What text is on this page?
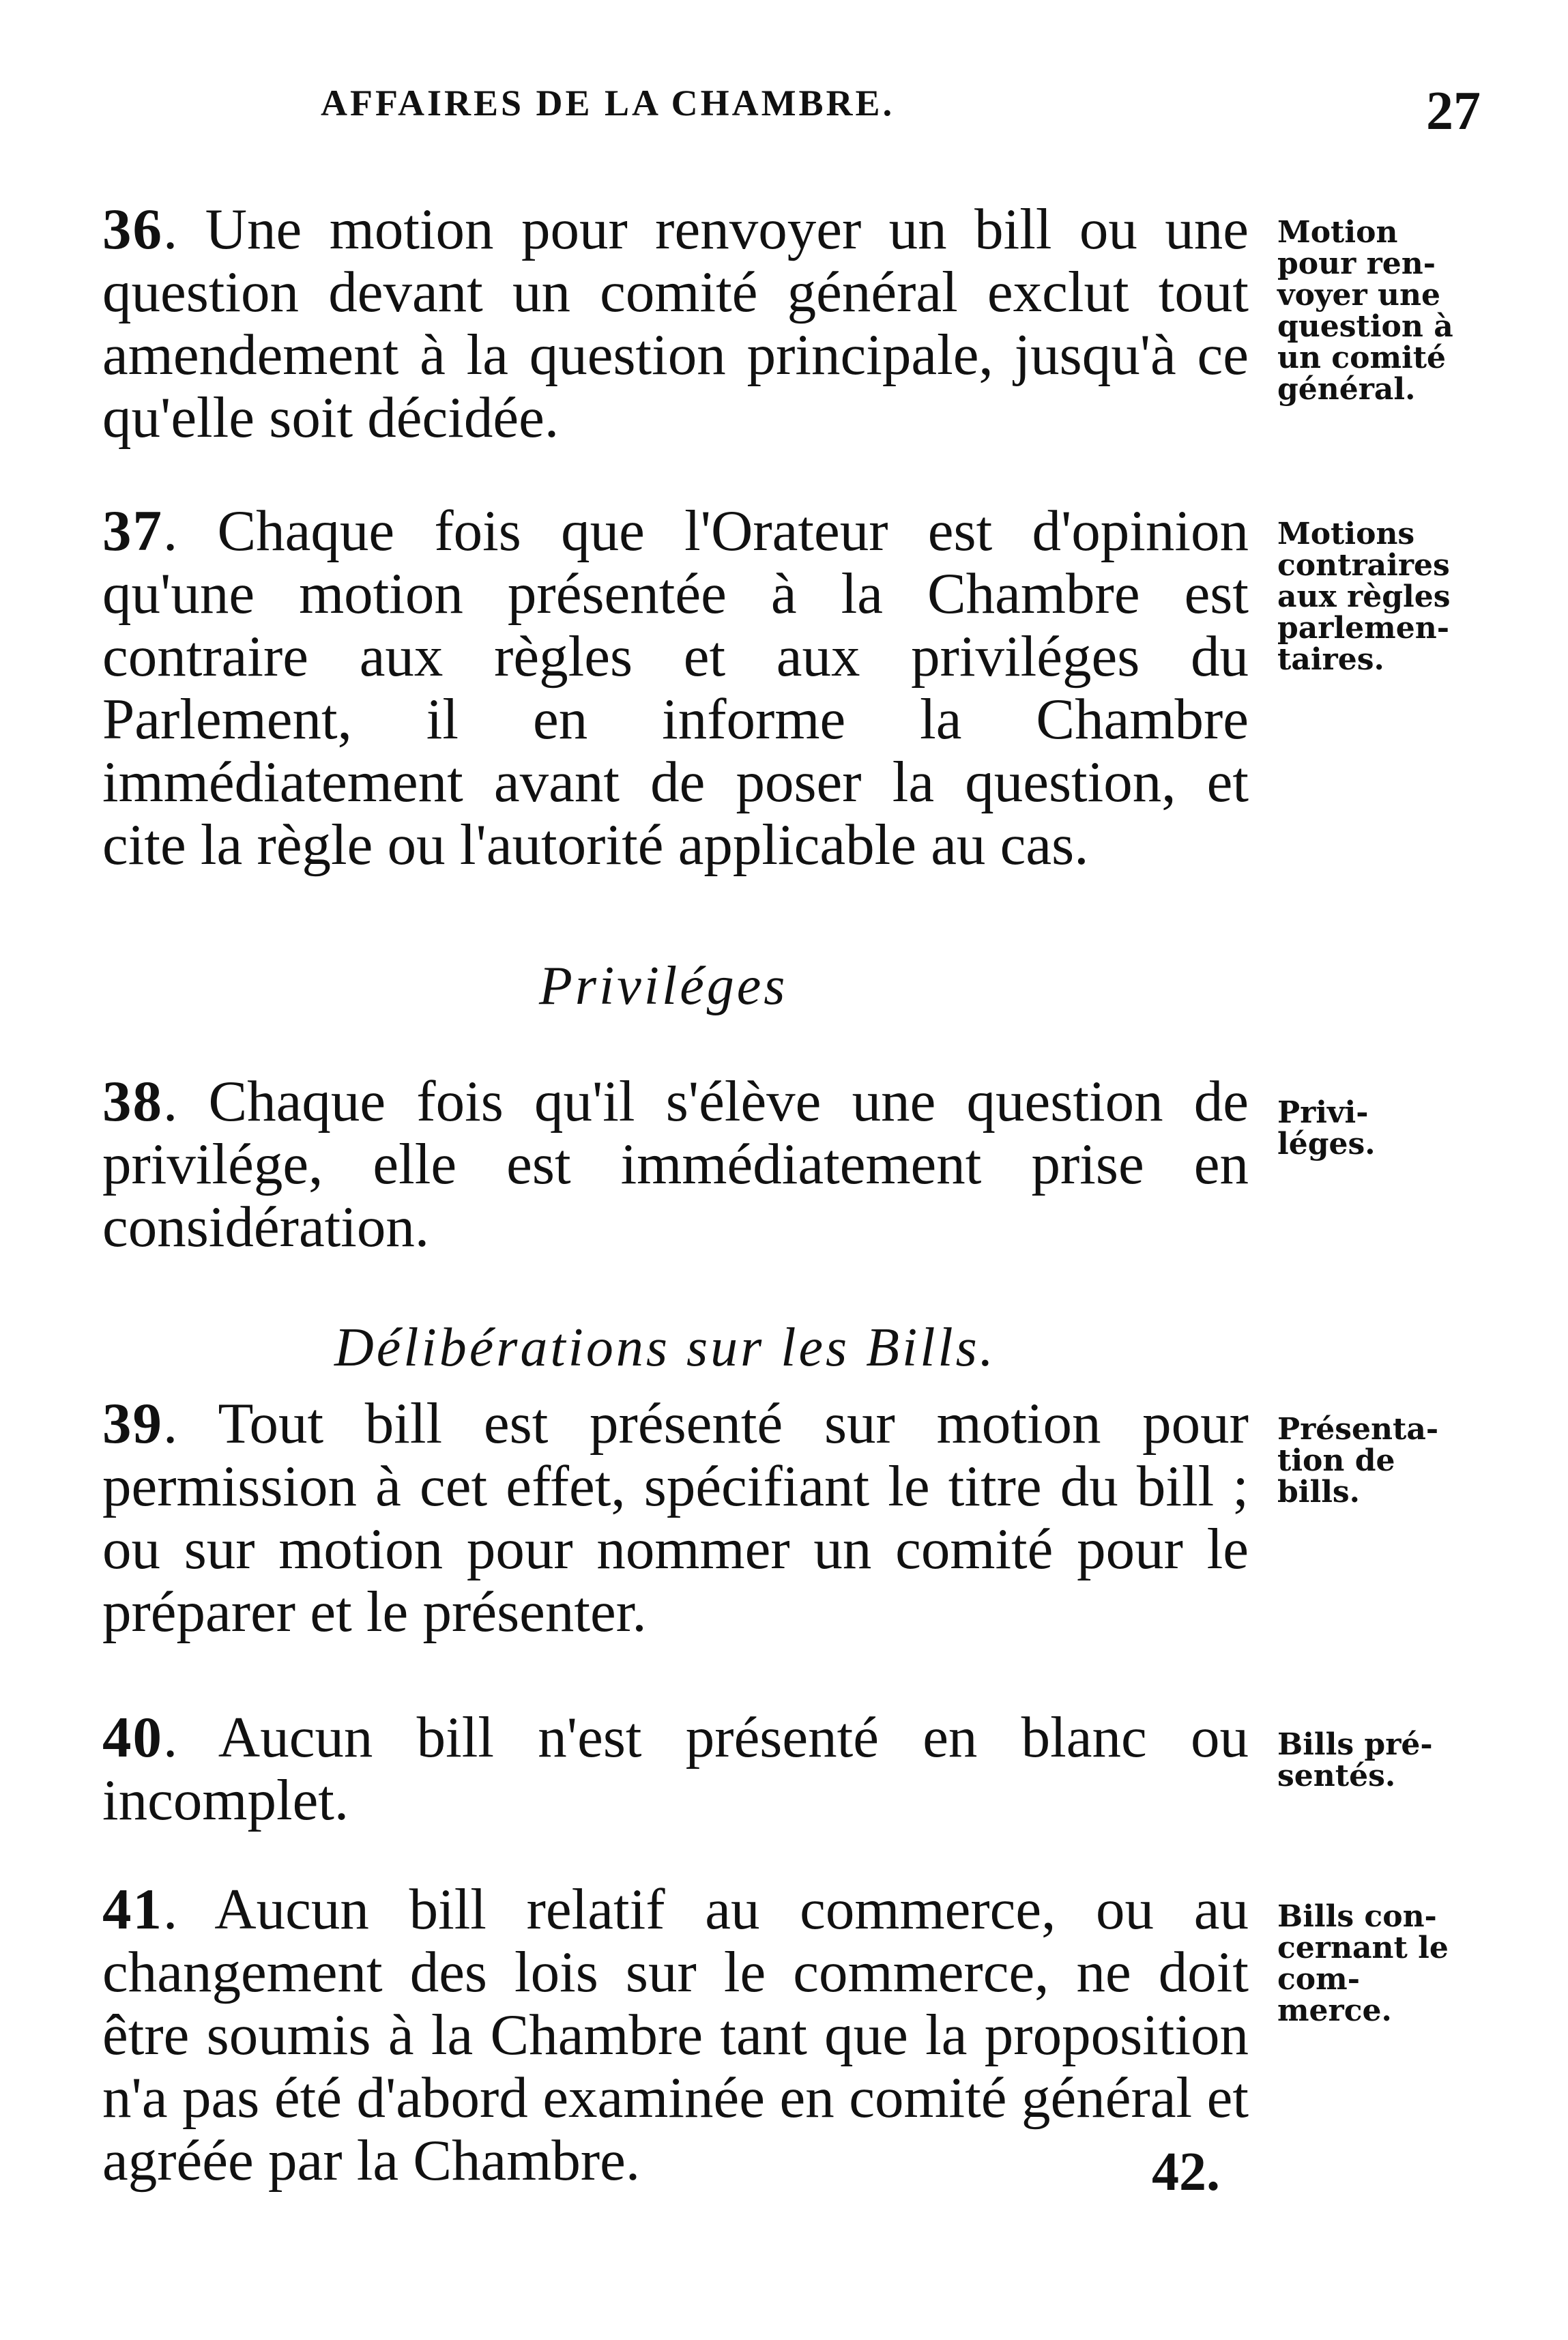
AFFAIRES DE LA CHAMBRE.	27
36. Une motion pour renvoyer un bill ou une question devant un comité général exclut tout amendement à la question principale, jusqu'à ce qu'elle soit décidée.
Motion
pour ren-
voyer une
question à
un comité
général.
37. Chaque fois que l'Orateur est d'opinion qu'une motion présentée à la Chambre est contraire aux règles et aux priviléges du Parlement, il en informe la Chambre immédiatement avant de poser la question, et cite la règle ou l'autorité applicable au cas.
Motions
contraires
aux règles
parlemen-
taires.
Priviléges
38. Chaque fois qu'il s'élève une question de privilége, elle est immédiatement prise en considération.
Privi-
léges.
Délibérations sur les Bills.
39. Tout bill est présenté sur motion pour permission à cet effet, spécifiant le titre du bill ; ou sur motion pour nommer un comité pour le préparer et le présenter.
Présenta-
tion de
bills.
40. Aucun bill n'est présenté en blanc ou incomplet.
Bills pré-
sentés.
41. Aucun bill relatif au commerce, ou au changement des lois sur le commerce, ne doit être soumis à la Chambre tant que la proposition n'a pas été d'abord examinée en comité général et agréée par la Chambre.
Bills con-
cernant le
com-
merce.
42.
